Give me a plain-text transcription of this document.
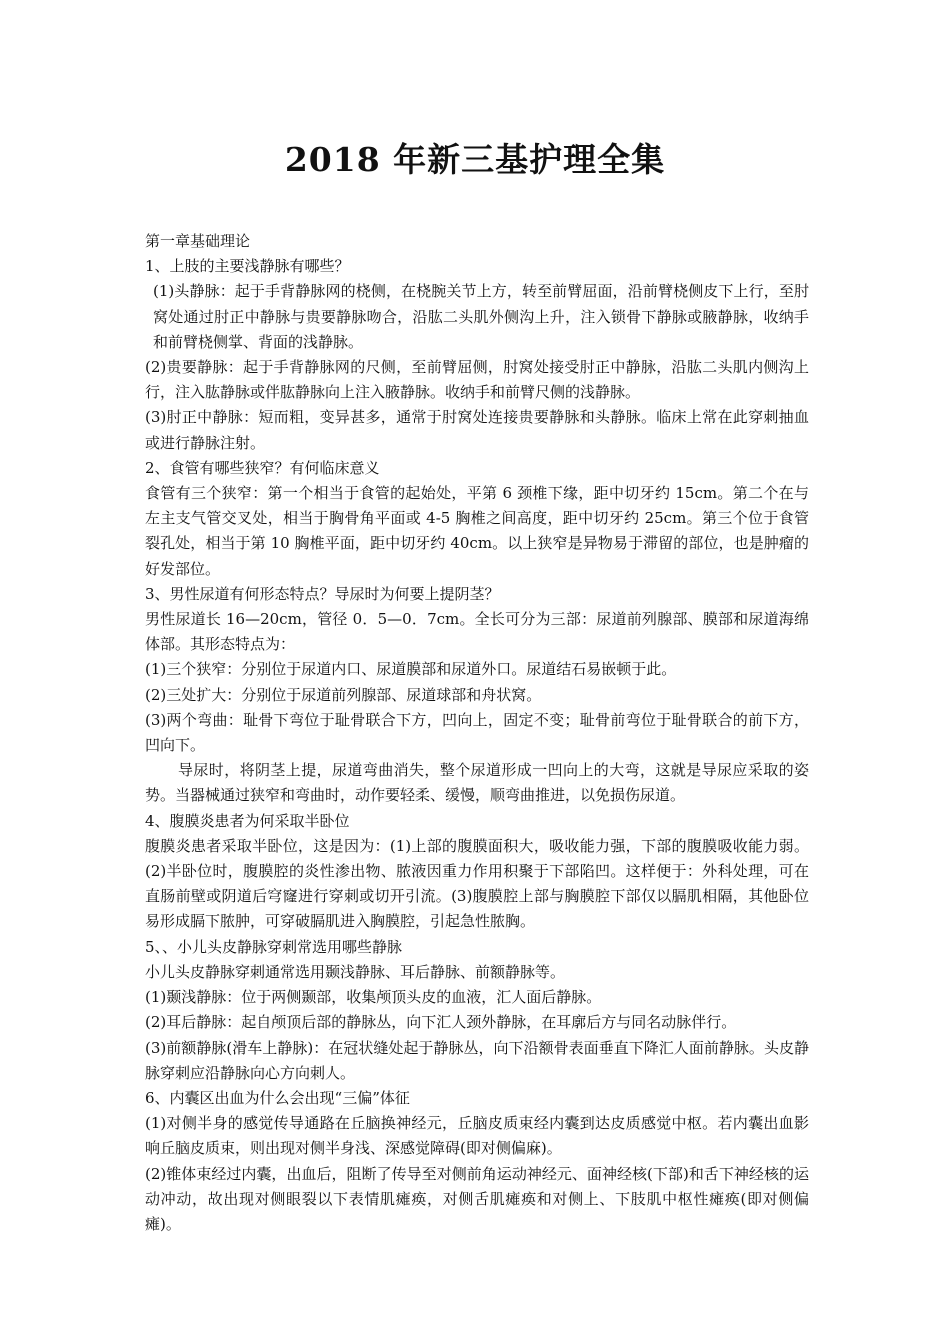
2018 年新三基护理全集

第一章基础理论

1、上肢的主要浅静脉有哪些？

(1)头静脉：起于手背静脉网的桡侧，在桡腕关节上方，转至前臂屈面，沿前臂桡侧皮下上行，至肘窝处通过肘正中静脉与贵要静脉吻合，沿肱二头肌外侧沟上升，注入锁骨下静脉或腋静脉，收纳手和前臂桡侧掌、背面的浅静脉。

(2)贵要静脉：起于手背静脉网的尺侧，至前臂屈侧，肘窝处接受肘正中静脉，沿肱二头肌内侧沟上行，注入肱静脉或伴肱静脉向上注入腋静脉。收纳手和前臂尺侧的浅静脉。

(3)肘正中静脉：短而粗，变异甚多，通常于肘窝处连接贵要静脉和头静脉。临床上常在此穿刺抽血或进行静脉注射。

2、食管有哪些狭窄？有何临床意义

食管有三个狭窄：第一个相当于食管的起始处，平第 6 颈椎下缘，距中切牙约 15cm。第二个在与左主支气管交叉处，相当于胸骨角平面或 4-5 胸椎之间高度，距中切牙约 25cm。第三个位于食管裂孔处，相当于第 10 胸椎平面，距中切牙约 40cm。以上狭窄是异物易于滞留的部位，也是肿瘤的好发部位。

3、男性尿道有何形态特点？导尿时为何要上提阴茎？

男性尿道长 16—20cm，管径 0．5—0．7cm。全长可分为三部：尿道前列腺部、膜部和尿道海绵体部。其形态特点为：

(1)三个狭窄：分别位于尿道内口、尿道膜部和尿道外口。尿道结石易嵌顿于此。

(2)三处扩大：分别位于尿道前列腺部、尿道球部和舟状窝。

(3)两个弯曲：耻骨下弯位于耻骨联合下方，凹向上，固定不变；耻骨前弯位于耻骨联合的前下方，凹向下。

导尿时，将阴茎上提，尿道弯曲消失，整个尿道形成一凹向上的大弯，这就是导尿应采取的姿势。当器械通过狭窄和弯曲时，动作要轻柔、缓慢，顺弯曲推进，以免损伤尿道。

4、腹膜炎患者为何采取半卧位

腹膜炎患者采取半卧位，这是因为：(1)上部的腹膜面积大，吸收能力强，下部的腹膜吸收能力弱。(2)半卧位时，腹膜腔的炎性渗出物、脓液因重力作用积聚于下部陷凹。这样便于：外科处理，可在直肠前壁或阴道后穹窿进行穿刺或切开引流。(3)腹膜腔上部与胸膜腔下部仅以膈肌相隔，其他卧位易形成膈下脓肿，可穿破膈肌进入胸膜腔，引起急性脓胸。

5、、小儿头皮静脉穿刺常选用哪些静脉

小儿头皮静脉穿刺通常选用颞浅静脉、耳后静脉、前额静脉等。

(1)颞浅静脉：位于两侧颞部，收集颅顶头皮的血液，汇人面后静脉。

(2)耳后静脉：起自颅顶后部的静脉丛，向下汇人颈外静脉，在耳廓后方与同名动脉伴行。

(3)前额静脉(滑车上静脉)：在冠状缝处起于静脉丛，向下沿额骨表面垂直下降汇人面前静脉。头皮静脉穿刺应沿静脉向心方向刺人。

6、内囊区出血为什么会出现“三偏”体征

(1)对侧半身的感觉传导通路在丘脑换神经元，丘脑皮质束经内囊到达皮质感觉中枢。若内囊出血影响丘脑皮质束，则出现对侧半身浅、深感觉障碍(即对侧偏麻)。

(2)锥体束经过内囊，出血后，阻断了传导至对侧前角运动神经元、面神经核(下部)和舌下神经核的运动冲动，故出现对侧眼裂以下表情肌瘫痪，对侧舌肌瘫痪和对侧上、下肢肌中枢性瘫痪(即对侧偏瘫)。
